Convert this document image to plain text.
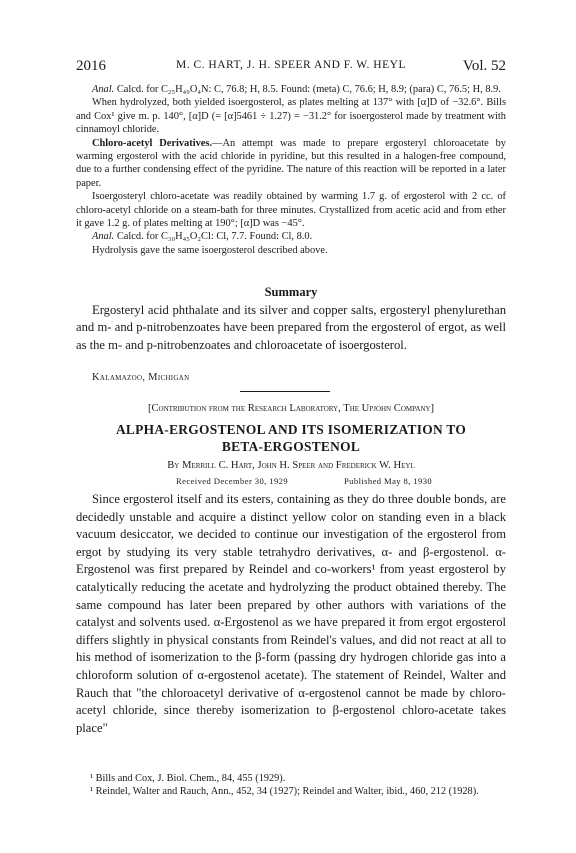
2016	M. C. HART, J. H. SPEER AND F. W. HEYL	Vol. 52

Anal. Calcd. for C₂₅H₄₉O₄N: C, 76.8; H, 8.5. Found: (meta) C, 76.6; H, 8.9; (para) C, 76.5; H, 8.9.

When hydrolyzed, both yielded isoergosterol, as plates melting at 137° with [α]D of −32.6°. Bills and Cox¹ give m. p. 140°, [α]D (= [α]5461 ÷ 1.27) = −31.2° for isoergosterol made by treatment with cinnamoyl chloride.

Chloro-acetyl Derivatives.—An attempt was made to prepare ergosteryl chloroacetate by warming ergosterol with the acid chloride in pyridine, but this resulted in a halogen-free compound, due to a further condensing effect of the pyridine. The nature of this reaction will be reported in a later paper.

Isoergosteryl chloro-acetate was readily obtained by warming 1.7 g. of ergosterol with 2 cc. of chloro-acetyl chloride on a steam-bath for three minutes. Crystallized from acetic acid and from ether it gave 1.2 g. of plates melting at 190°; [α]D was −45°.

Anal. Calcd. for C₃₀H₄₅O₂Cl: Cl, 7.7. Found: Cl, 8.0.

Hydrolysis gave the same isoergosterol described above.

Summary

Ergosteryl acid phthalate and its silver and copper salts, ergosteryl phenylurethan and m- and p-nitrobenzoates have been prepared from the ergosterol of ergot, as well as the m- and p-nitrobenzoates and chloroacetate of isoergosterol.

Kalamazoo, Michigan
[Contribution from the Research Laboratory, The Upjohn Company]
ALPHA-ERGOSTENOL AND ITS ISOMERIZATION TO
BETA-ERGOSTENOL
By Merrill C. Hart, John H. Speer and Frederick W. Heyl
Received December 30, 1929	Published May 8, 1930

Since ergosterol itself and its esters, containing as they do three double bonds, are decidedly unstable and acquire a distinct yellow color on standing even in a black vacuum desiccator, we decided to continue our investigation of the ergosterol from ergot by studying its very stable tetrahydro derivatives, α- and β-ergostenol. α-Ergostenol was first prepared by Reindel and co-workers¹ from yeast ergosterol by catalytically reducing the acetate and hydrolyzing the product obtained thereby. The same compound has later been prepared by other authors with variations of the catalyst and solvents used. α-Ergostenol as we have prepared it from ergot ergosterol differs slightly in physical constants from Reindel's values, and did not react at all to his method of isomerization to the β-form (passing dry hydrogen chloride gas into a chloroform solution of α-ergostenol acetate). The statement of Reindel, Walter and Rauch that "the chloroacetyl derivative of α-ergostenol cannot be made by chloro-acetyl chloride, since thereby isomerization to β-ergostenol chloro-acetate takes place"

¹ Bills and Cox, J. Biol. Chem., 84, 455 (1929).

¹ Reindel, Walter and Rauch, Ann., 452, 34 (1927); Reindel and Walter, ibid., 460, 212 (1928).
